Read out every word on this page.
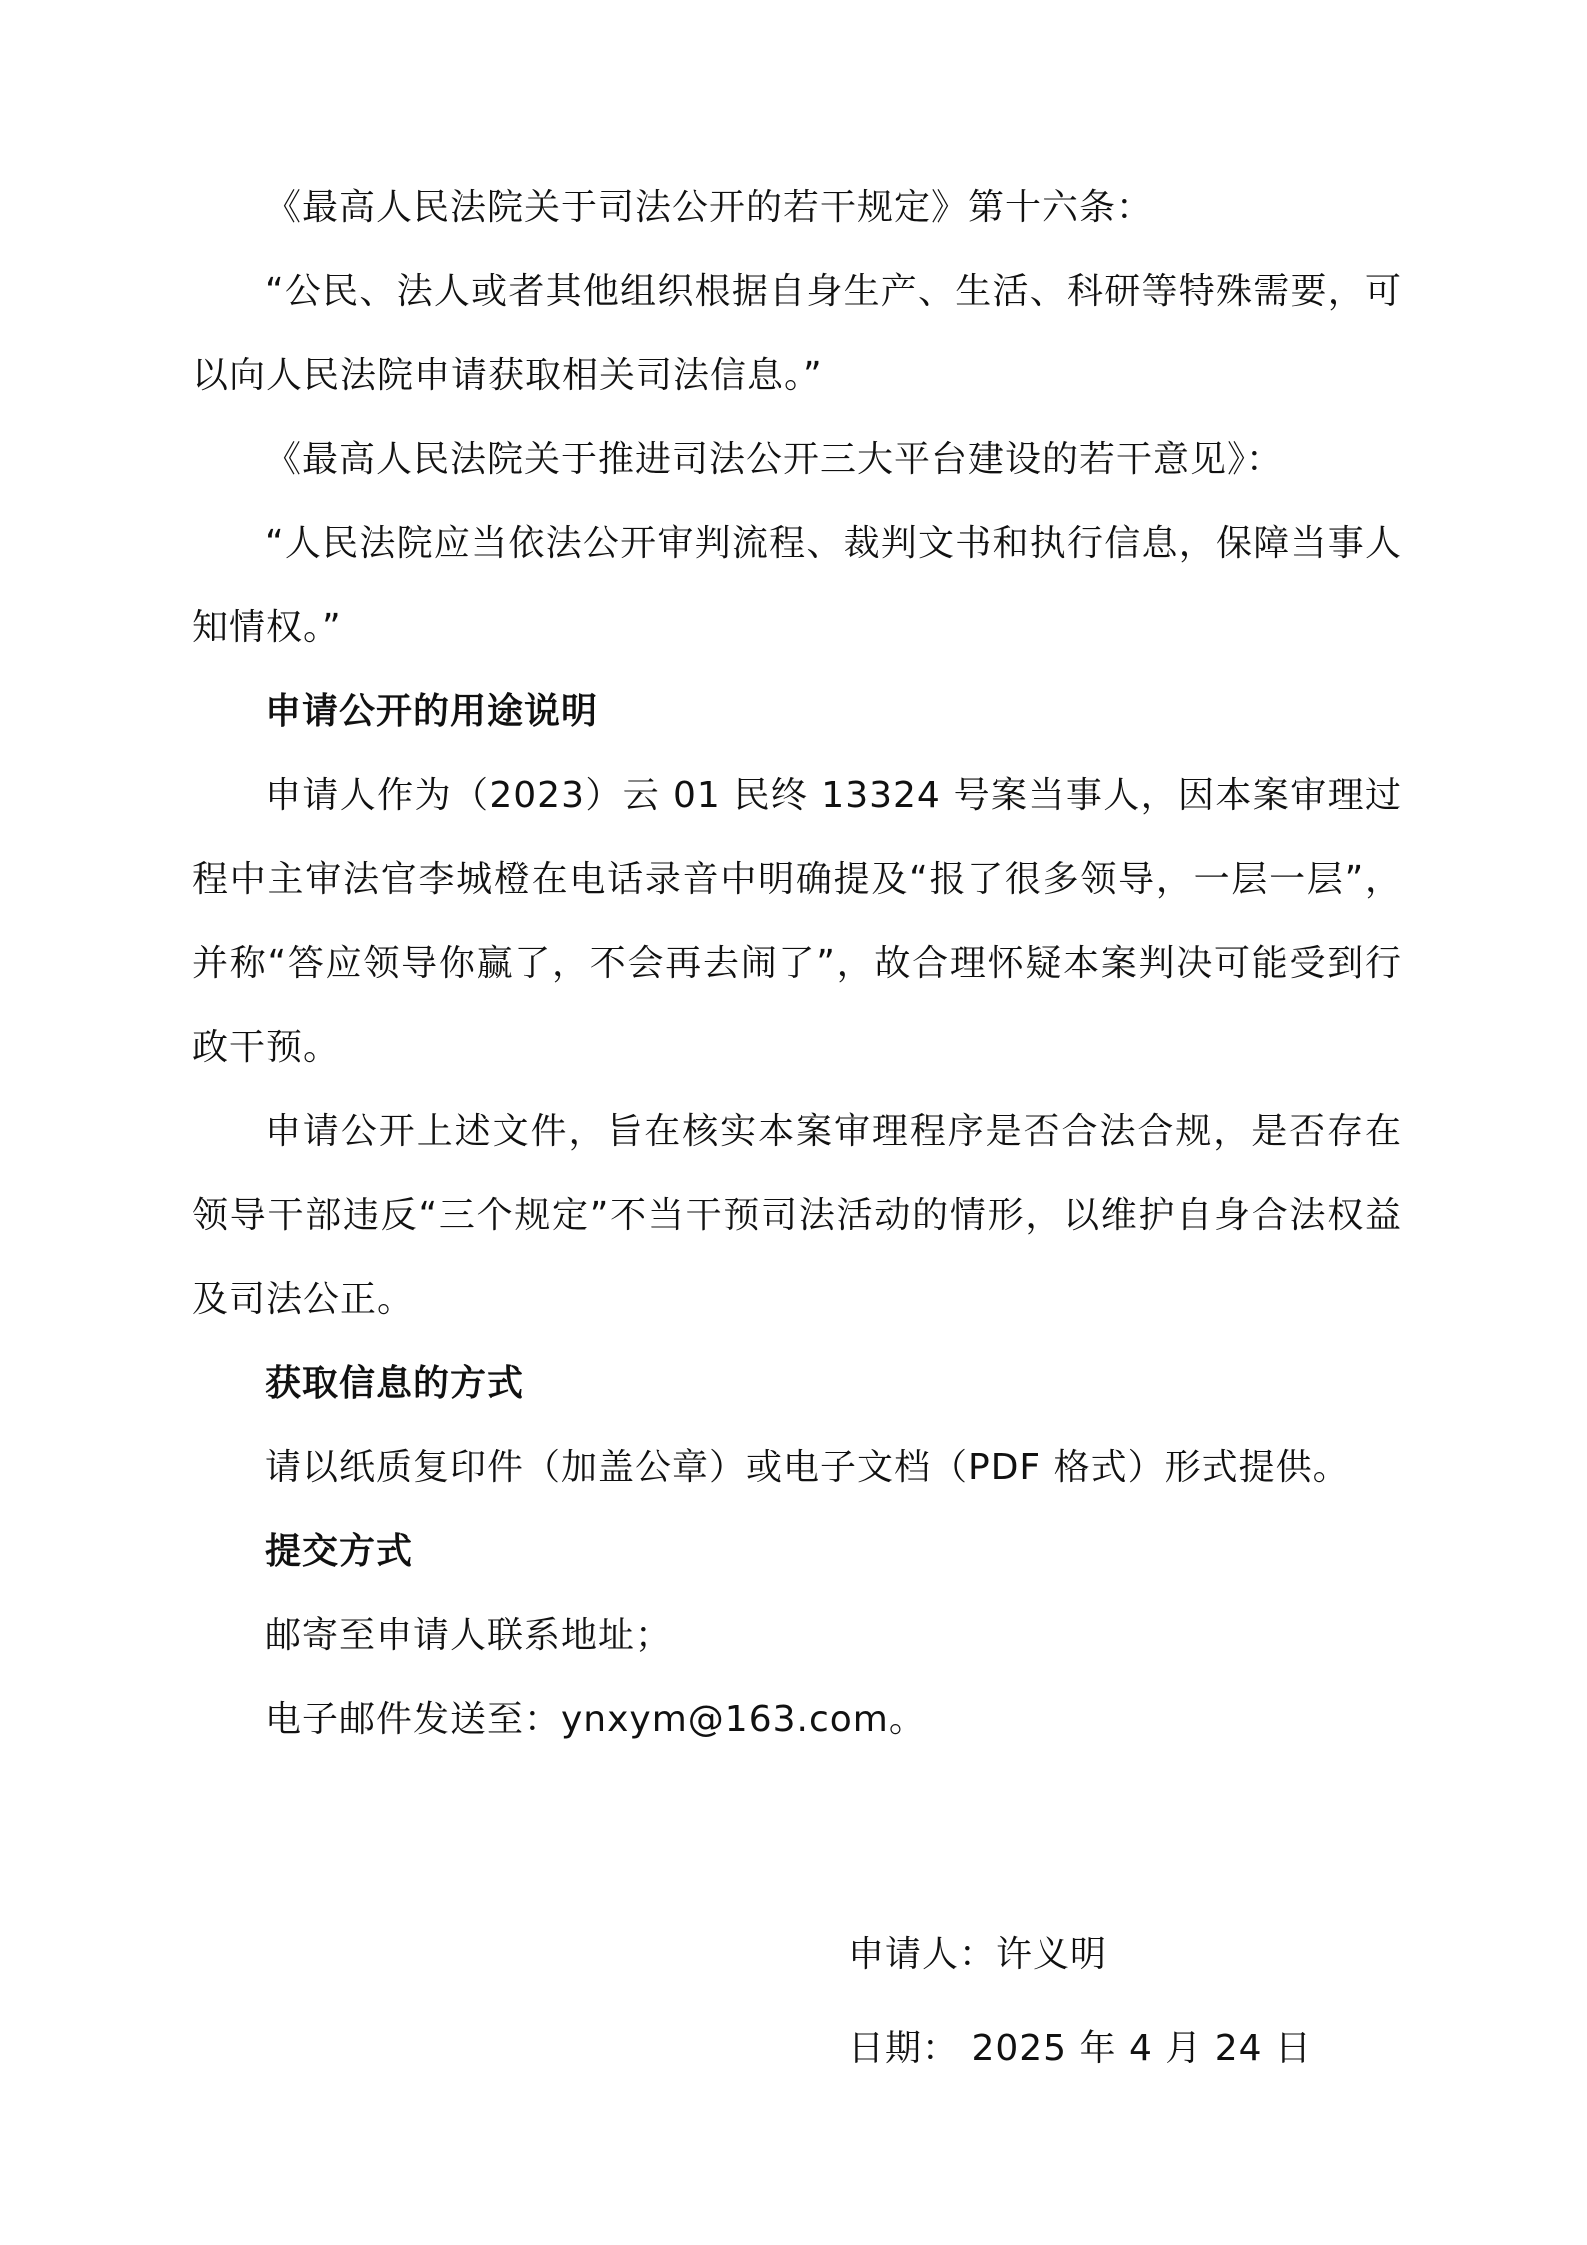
《最高人民法院关于司法公开的若干规定》第十六条：

“公民、法人或者其他组织根据自身生产、生活、科研等特殊需要，可以向人民法院申请获取相关司法信息。”

《最高人民法院关于推进司法公开三大平台建设的若干意见》：

“人民法院应当依法公开审判流程、裁判文书和执行信息，保障当事人知情权。”

申请公开的用途说明

申请人作为（2023）云 01 民终 13324 号案当事人，因本案审理过程中主审法官李城橙在电话录音中明确提及“报了很多领导，一层一层”，并称“答应领导你赢了，不会再去闹了”，故合理怀疑本案判决可能受到行政干预。

申请公开上述文件，旨在核实本案审理程序是否合法合规，是否存在领导干部违反“三个规定”不当干预司法活动的情形，以维护自身合法权益及司法公正。

获取信息的方式

请以纸质复印件（加盖公章）或电子文档（PDF 格式）形式提供。

提交方式

邮寄至申请人联系地址；

电子邮件发送至：ynxym@163.com。

申请人：许义明

日期： 2025 年 4 月 24 日
